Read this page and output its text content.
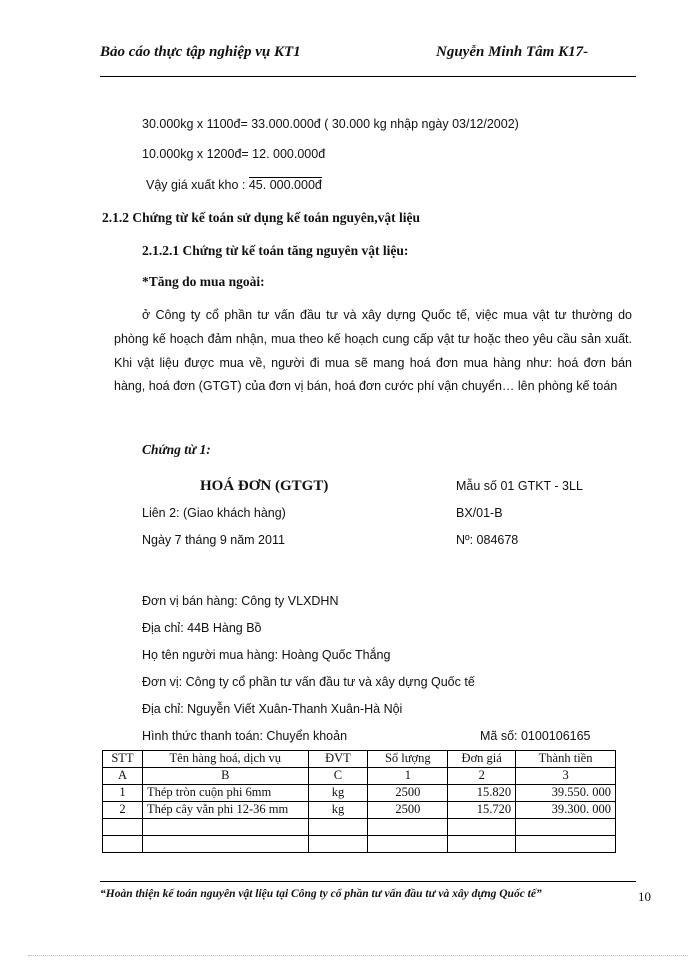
Bảo cáo thực tập nghiệp vụ KT1	Nguyễn Minh Tâm K17-
30.000kg x 1100đ= 33.000.000đ ( 30.000 kg nhập ngày 03/12/2002)
10.000kg x 1200đ= 12. 000.000đ
Vậy giá xuất kho : 45. 000.000đ
2.1.2 Chứng từ kế toán sử dụng kế toán nguyên,vật liệu
2.1.2.1 Chứng từ kế toán tăng nguyên vật liệu:
*Tăng do mua ngoài:
ở Công ty cổ phần tư vấn đầu tư và xây dựng Quốc tế, việc mua vật tư thường do phòng kế hoạch đảm nhận, mua theo kế hoạch cung cấp vật tư hoặc theo yêu cầu sản xuất. Khi vật liệu được mua về, người đi mua sẽ mang hoá đơn mua hàng như: hoá đơn bán hàng, hoá đơn (GTGT) của đơn vị bán, hoá đơn cước phí vận chuyển… lên phòng kế toán
Chứng từ 1:
HOÁ ĐƠN (GTGT)	Mẫu số 01 GTKT - 3LL
Liên 2: (Giao khách hàng)	BX/01-B
Ngày 7 tháng 9 năm 2011	Nº: 084678
Đơn vị bán hàng: Công ty VLXDHN
Địa chỉ: 44B Hàng Bồ
Họ tên người mua hàng: Hoàng Quốc Thắng
Đơn vị: Công ty cổ phần tư vấn đầu tư và xây dựng Quốc tế
Địa chỉ: Nguyễn Viết Xuân-Thanh Xuân-Hà Nội
Hình thức thanh toán: Chuyển khoản	Mã số: 0100106165
STT	Tên hàng hoá, dịch vụ	ĐVT	Số lượng	Đơn giá	Thành tiền
A	B	C	1	2	3
1	Thép tròn cuộn phi 6mm	kg	2500	15.820	39.550. 000
2	Thép cây vằn phi 12-36 mm	kg	2500	15.720	39.300. 000

“Hoàn thiện kế toán nguyên vật liệu tại Công ty cổ phần tư vấn đầu tư và xây dựng Quốc tế”	10
